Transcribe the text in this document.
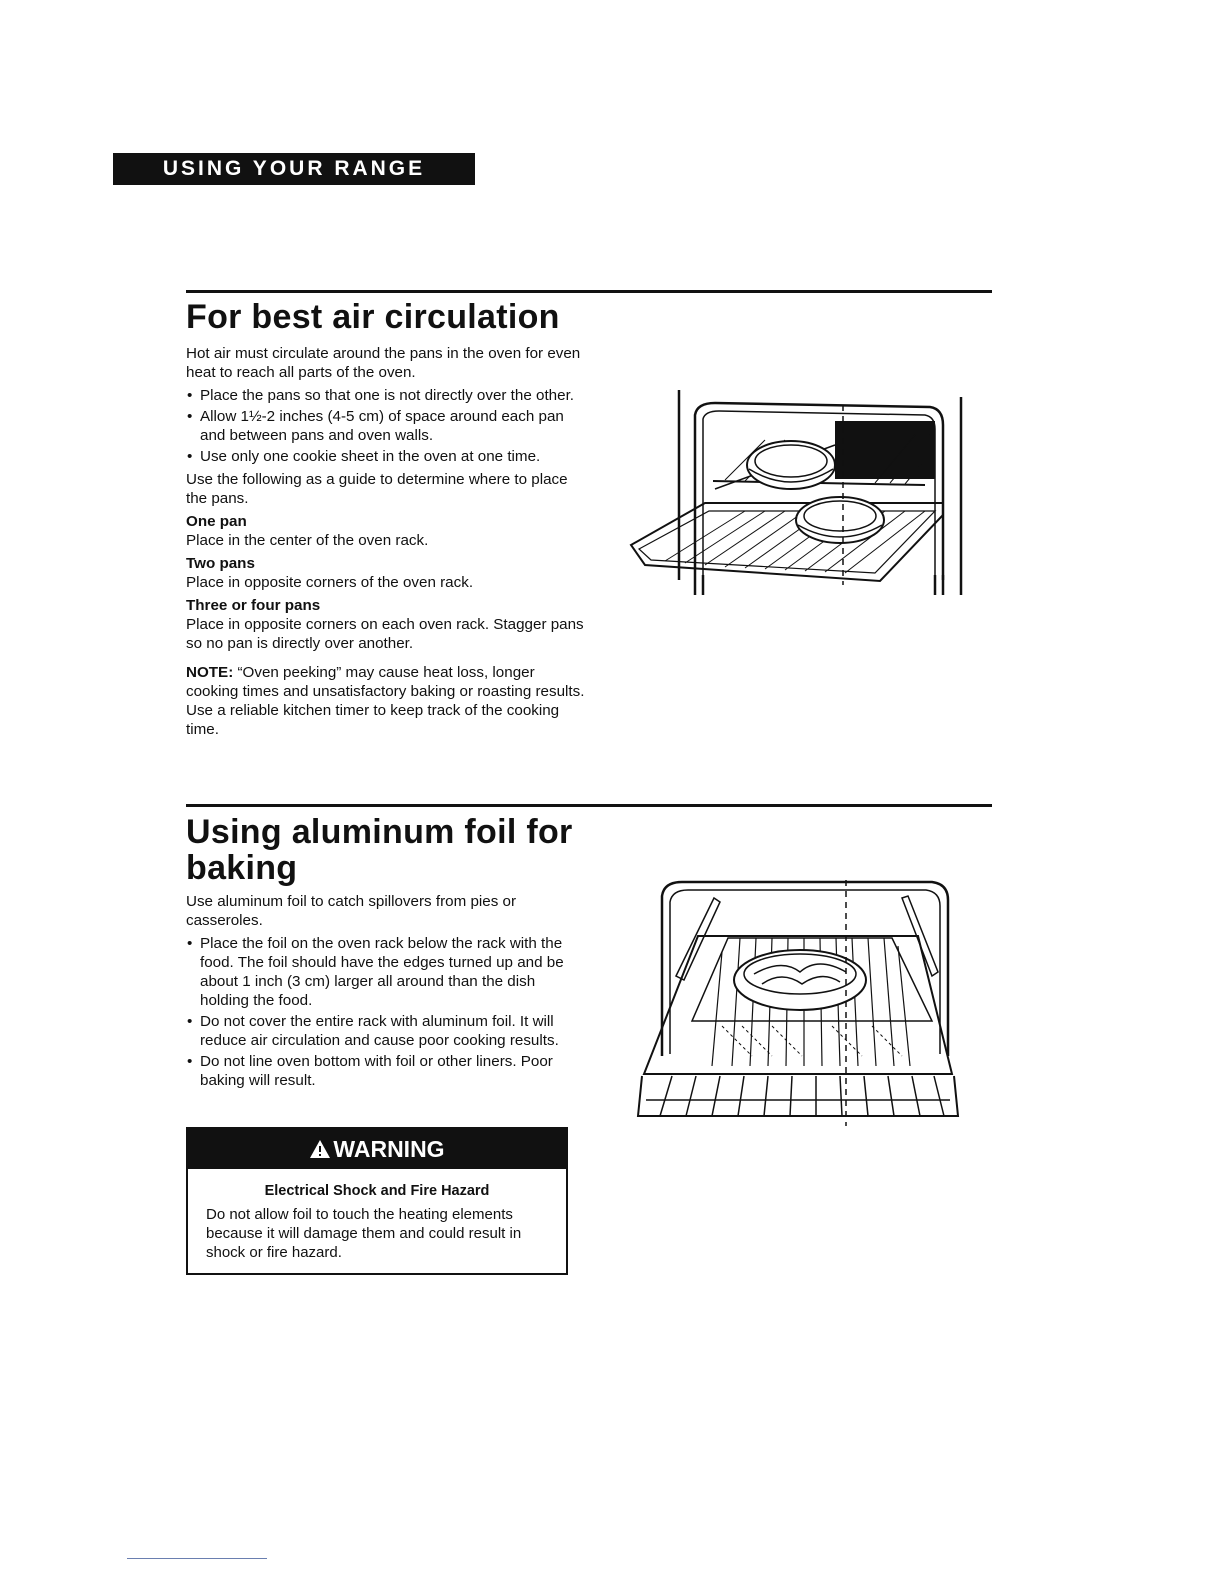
USING YOUR RANGE
For best air circulation

Hot air must circulate around the pans in the oven for even heat to reach all parts of the oven.

• Place the pans so that one is not directly over the other.
• Allow 1½-2 inches (4-5 cm) of space around each pan and between pans and oven walls.
• Use only one cookie sheet in the oven at one time.

Use the following as a guide to determine where to place the pans.

One pan

Place in the center of the oven rack.

Two pans

Place in opposite corners of the oven rack.

Three or four pans

Place in opposite corners on each oven rack. Stagger pans so no pan is directly over another.

NOTE: “Oven peeking” may cause heat loss, longer cooking times and unsatisfactory baking or roasting results. Use a reliable kitchen timer to keep track of the cooking time.

Using aluminum foil for
baking

Use aluminum foil to catch spillovers from pies or casseroles.

• Place the foil on the oven rack below the rack with the food. The foil should have the edges turned up and be about 1 inch (3 cm) larger all around than the dish holding the food.
• Do not cover the entire rack with aluminum foil. It will reduce air circulation and cause poor cooking results.
• Do not line oven bottom with foil or other liners. Poor baking will result.
WARNING
Electrical Shock and Fire Hazard
Do not allow foil to touch the heating elements because it will damage them and could result in shock or fire hazard.
